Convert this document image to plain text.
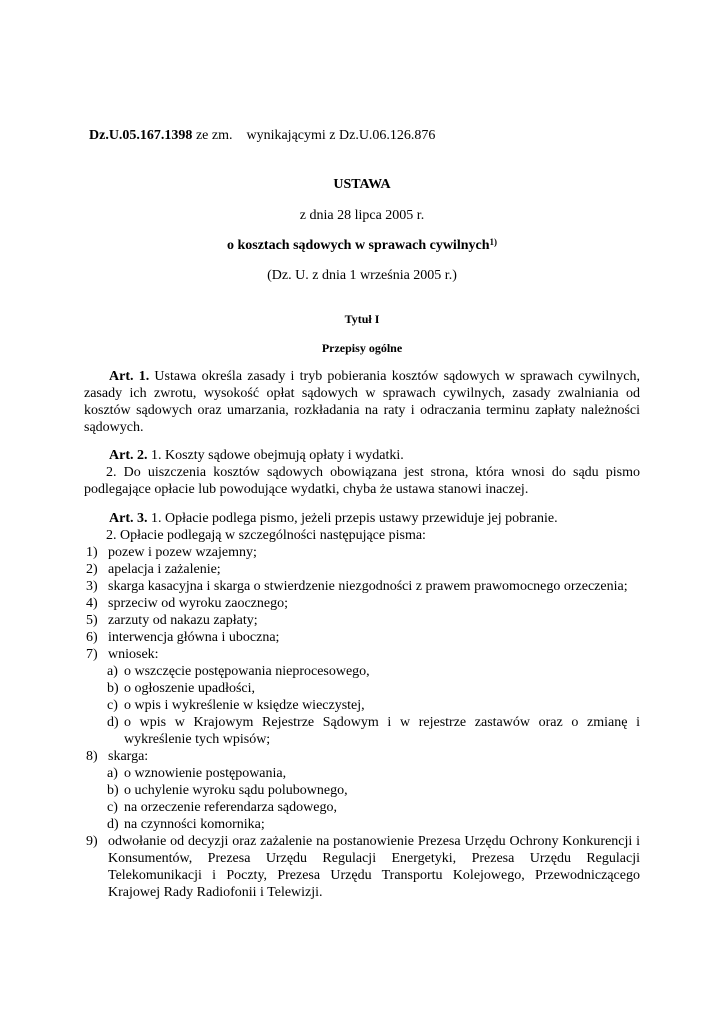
Dz.U.05.167.1398 ze zm.    wynikającymi z Dz.U.06.126.876
USTAWA
z dnia 28 lipca 2005 r.
o kosztach sądowych w sprawach cywilnych$^{1)}$
(Dz. U. z dnia 1 września 2005 r.)
Tytuł I
Przepisy ogólne
Art. 1. Ustawa określa zasady i tryb pobierania kosztów sądowych w sprawach cywilnych, zasady ich zwrotu, wysokość opłat sądowych w sprawach cywilnych, zasady zwalniania od kosztów sądowych oraz umarzania, rozkładania na raty i odraczania terminu zapłaty należności sądowych.
Art. 2. 1. Koszty sądowe obejmują opłaty i wydatki.
2. Do uiszczenia kosztów sądowych obowiązana jest strona, która wnosi do sądu pismo podlegające opłacie lub powodujące wydatki, chyba że ustawa stanowi inaczej.
Art. 3. 1. Opłacie podlega pismo, jeżeli przepis ustawy przewiduje jej pobranie.
2. Opłacie podlegają w szczególności następujące pisma:
1) pozew i pozew wzajemny;
2) apelacja i zażalenie;
3) skarga kasacyjna i skarga o stwierdzenie niezgodności z prawem prawomocnego orzeczenia;
4) sprzeciw od wyroku zaocznego;
5) zarzuty od nakazu zapłaty;
6) interwencja główna i uboczna;
7) wniosek:
a) o wszczęcie postępowania nieprocesowego,
b) o ogłoszenie upadłości,
c) o wpis i wykreślenie w księdze wieczystej,
d) o wpis w Krajowym Rejestrze Sądowym i w rejestrze zastawów oraz o zmianę i wykreślenie tych wpisów;
8) skarga:
a) o wznowienie postępowania,
b) o uchylenie wyroku sądu polubownego,
c) na orzeczenie referendarza sądowego,
d) na czynności komornika;
9) odwołanie od decyzji oraz zażalenie na postanowienie Prezesa Urzędu Ochrony Konkurencji i Konsumentów, Prezesa Urzędu Regulacji Energetyki, Prezesa Urzędu Regulacji Telekomunikacji i Poczty, Prezesa Urzędu Transportu Kolejowego, Przewodniczącego Krajowej Rady Radiofonii i Telewizji.
